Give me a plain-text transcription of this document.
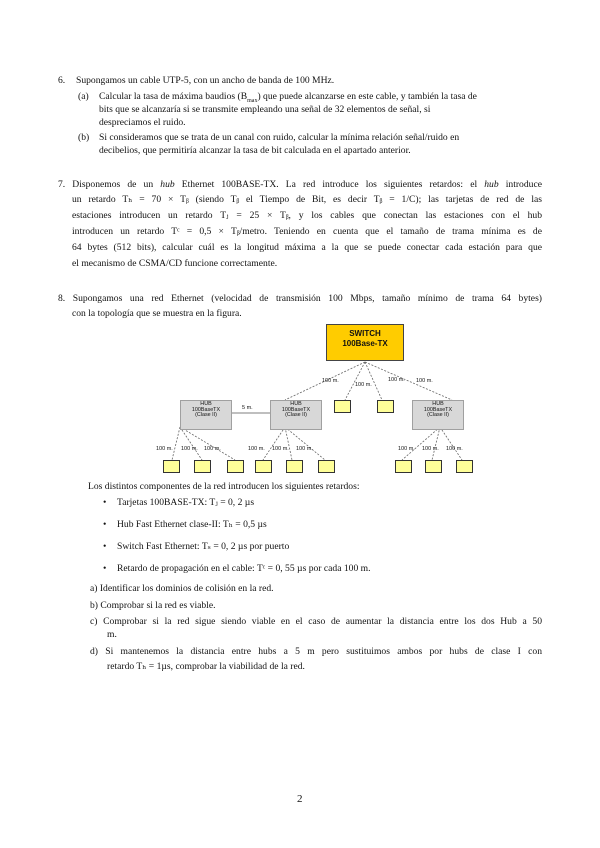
6. Supongamos un cable UTP-5, con un ancho de banda de 100 MHz.
(a) Calcular la tasa de máxima baudios $(B_{max})$ que puede alcanzarse en este cable, y también la tasa de
bits que se alcanzaría si se transmite empleando una señal de 32 elementos de señal, si
despreciamos el ruido.
(b) Si consideramos que se trata de un canal con ruido, calcular la mínima relación señal/ruido en
decibelios, que permitiría alcanzar la tasa de bit calculada en el apartado anterior.
7. Disponemos de un hub Ethernet 100BASE-TX. La red introduce los siguientes retardos: el hub introduce
un retardo Tₕ = 70 × Tᵦ (siendo Tᵦ el Tiempo de Bit, es decir Tᵦ = 1/C); las tarjetas de red de las
estaciones introducen un retardo Tⱼ = 25 × Tᵦ, y los cables que conectan las estaciones con el hub
introducen un retardo Tᶜ = 0,5 × Tᵦ/metro. Teniendo en cuenta que el tamaño de trama mínima es de
64 bytes (512 bits), calcular cuál es la longitud máxima a la que se puede conectar cada estación para que
el mecanismo de CSMA/CD funcione correctamente.
8. Supongamos una red Ethernet (velocidad de transmisión 100 Mbps, tamaño mínimo de trama 64 bytes)
con la topología que se muestra en la figura.
SWITCH
100Base-TX
HUB
100BaseTX
(Clase II)
HUB
100BaseTX
(Clase II)
HUB
100BaseTX
(Clase II)
100 m.
100 m.
100 m. 100 m.
5 m.
100 m. 100 m. 100 m.	100 m. 100 m. 100 m.	100 m. 100 m. 100 m.
Los distintos componentes de la red introducen los siguientes retardos:
• Tarjetas 100BASE-TX: Tⱼ = 0, 2 µs
• Hub Fast Ethernet clase-II: Tₕ = 0,5 µs
• Switch Fast Ethernet: Tₛ = 0, 2 µs por puerto
• Retardo de propagación en el cable: Tᶜ = 0, 55 µs por cada 100 m.
a) Identificar los dominios de colisión en la red.
b) Comprobar si la red es viable.
c) Comprobar si la red sigue siendo viable en el caso de aumentar la distancia entre los dos Hub a 50
m.
d) Si mantenemos la distancia entre hubs a 5 m pero sustituimos ambos por hubs de clase I con
retardo Tₕ = 1µs, comprobar la viabilidad de la red.
2
